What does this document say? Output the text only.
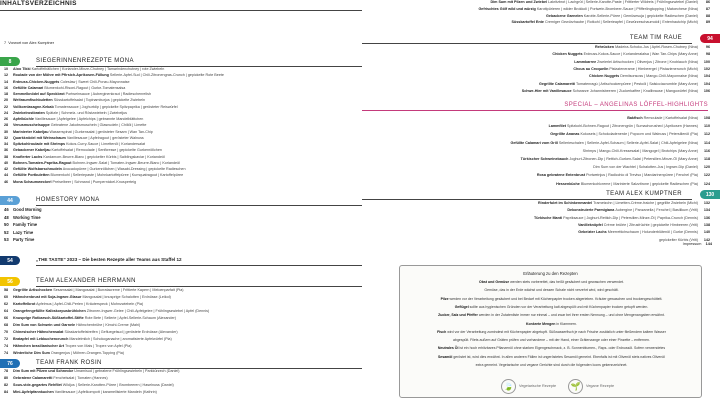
INHALTSVERZEICHNIS
7 Vorwort von Alex Kumptner
Dim Sum mit Pilzen und Zwiebel Lakritzbrot | Lachgrüt | Sellerie-Karotte-Paste | Frittierter Wildreis | Frühlingszwiebel (Daniel) 86
Gefrischtes Gölf wild und würzig Karottpürieren | wilder Brokkoli | Portwein-Brombeer-Sauce | Pfifferlingtopping | Matoechese (Nina) 87
Gebackene Garnelen Karotte-Sellerie-Püree | Gemüsesuja | gepickelte Radieschen (Daniel) 88
Süsskartoffel Ente Cremiger Gewürzhaube | Rotkohl | Sellerieapfel | Gewürzeschaumoldi | Entenhautchip (Michi) 89
8	SIEGERINNENREZEPTE MONA
10 Aloo Tikki Kartoffelbällchen | Koriander-Minze-Chutney | Tamarindenchutney | rote Zwiebeln
12 Roulade von der Möhre mit Pfirsich-Aprikosen-Füllung Sellerie-Apfel-Sud | Chili-Zitronengras-Crunch | gepickelte Rote Beete
14 Erdnuss-Chicken-Nuggets Coleslaw | Sweet Chili-Ponzu-Mayonnaise
16 Gefüllte Calamari Blumenkohl-Risoni-Ragout | Gurke-Tomatensalsa
18 Semmelknödel auf Speckbrot Portweinsauce | Auberginenkraut | Radieschenrelish
20 Weltraumfischbuletten Süsskartoffelsalat | Topinamburjus | gepickelte Zwiebeln
22 Vollkornlasagne-Kebab Tomatensauce | Joghurtdip | gepickelte Spitzpaprika | gerösteter Reiswürfel
24 Zwiebelrostbraten Spätzle | Schmelz- und Röstzwiebeln | Zwiebeljus
26 Apfelküchle Vanillesauce | Apfelgelee | Apfelchips | gebrannte Mandelblättchen
28 Venusmuschelsuppe Gebratene Jakobsmuscheln | Glasnudeln | Chiliöl | Limette
30 Marinierter Kabeljau Wasserspinat | Gurkensalat | gerösteter Sesam | Wan Tan-Chip
32 Quarkknödel mit Weinschaum Vanillesauce | Apfelragout | gerösteter Walnuss
34 Spitzkohlroulade mit Shrimps Kokos-Curry-Sauce | Limettenöl | Koriandersalat
36 Gebackener Kabeljau Kartoffelsalat | Remoulade | Senfkresse | gepickelte Gurkenröllchen
38 Knoflerter Lachs Kardamom-Beurre-Blanc | gepickelter Kürbis | Saiblingskaviar | Koriandeöl
40 Bohnen-Tomaten-Paprika-Ragout Bohnen-Ingwer-Salat | Tomaten-Ingwer-Beurre-Blanc | Koriandeöl
42 Gefüllte Wolfsbarschnudeln Avocadopüree | Gurkenröllchen | Wasabi-Dressing | gepickelte Radieschen
44 Gefüllte Portbuletten Blumenkohl | Selleriepaste | Mohnkartoffelpüree | Kumquatragout | Kartoffelpüree
46 Mona Schaumweckerl Preiselbeer | Schmand | Pumpernickel-Knusperteig
44	HOMESTORY MONA
46 Good Morning
48 Working Time
50 Family Time
52 Lazy Time
53 Party Time
54	„THE TASTE“ 2023 – Die besten Rezepte aller Teams aus Staffel 12
56	TEAM ALEXANDER HERRMANN
58 Gegrillte Artischocken Sesamsalat | Mangosalat | Burratacreme | Frittierte Kapern | Meloenparfait (Pia)
60 Hähnchenbrust mit Soja-Ingwer-Glasur Mangosalat | knusprige Schalotten | Erdnüsse (Leilod)
62 Kartoffelbrot Apfelmus | Apfel-Chili-Perlen | Kräuterspeck | Mohnzwiebeln (Pia)
64 Orangefengefüllte Kalbskorpusbrühlchen Zitronen-Ingwer-Gelee | Chili-Apfelgelee | Frühlingszwiebel | Apfel (Dennis)
66 Knusprige Rotbarsch-Süßkartoffel-Stifte Rote Bete | Sellerie | Apfel-Sellerie-Schaum (Alexander)
68 Dim Sum von Schwein und Garnele Hähnchenbrühe | Kimchi-Creme (Mahi)
70 Chinesischer Hähnchensalat Süsskartoffelstreifen | Gefluegelsud | geröstete Erdnüsse (Alexander)
72 Bratapfel mit Lebkuchencrunch Mandelmilch | Schokoganache | aromatisierte Apfelwürfel (Pia)
74 Hähnchen brasilianischer Art Tropex von Mais | Tropex von Apfel (Pia)
74 Winterliche Dim Sum Orangenjus | Möhren-Orangen-Topping (Pia)
76	TEAM FRANK ROSIN
78 Dim Sum mit Pilzen und Schnecke Umamisud | gebratene Frühlingszwiebeln | Parkkürzech (Daniel)
80 Gebratene Calamaretti Fenchelsalat | Tomaten (Hannes)
82 Sous-vide-gegartes Rehfilet Wildjus | Sellerie-Karotten-Püree | Brombeeren | Haselnuss (Daniel)
84 Mini-Apfelpfannkuchen Vanillesauce | Apfelkompott | karamellisierte Mandeln (Kathrin)
TEAM TIM RAUE	94
Rehrücken Madeira-Schoko-Jus | Apfel-Rosen-Chutney (Nina) 96
Chicken Nuggets Erdnuss-Kokos-Sauce | Korianderalalsa | Wan Tan-Chips (Mary Anne) 98
Lammkarree Zweierlei Artischocken | Olivenjus | Zitrone | Knoblauch (Nina) 100
Chous au Croquelin Pistazienerame | Himbeergel | Pistazienerunch (Michi) 102
Chicken Nuggets Demiisonsoss | Mango-Chili-Mayonnaise (Nina) 104
Gegrillte Calamaretti Tomatenragú | Artischockenpüree | Pestoöl | Salsicciacrumble (Mary Anne) 104
Schwe-Hier mit Vanillesauce Schwarze Johannisbeeren | Zuckerkaffee | Knallbrause | Mangowürfel (Nina) 106
SPECIAL – ANGELINAS LÖFFEL-HIGHLIGHTS
Bakfisch Remoulade | Kartoffelsalat (Nina) 108
Lammfilet Spitzkohl-Bohnen-Ragout | Zitronengrün | Sumachcrushed | Aprikosen (Hannes) 110
Gegrillte Ananas Kokoseis | Schokoladenerde | Popcorn und Walnuss | Petersilienöl (Pia) 112
Gefüllte Calamari vom Grill Sellerieschalen | Sellerie-Apfel-Schaum | Sellerie-Apfel-Salat | Chili-Apfelgelee (Nina) 114
Shrimps | Mango-Chili-Kressesalat | Mangogel | Brotchips (Mary Anne) 116
Türkischer Schweinebauch Joghurt-Zitronen-Dip | Rettich-Gurken-Salat | Petersilien-Minze-Öl (Mary Anne) 118
Dim Sum von der Wachtel | Schalotten-Jus | Ingwer-Dip (Daniel) 120
Rosa gebratene Entenbrust Portweinjus | Radicchio di Treviso | Mandarinenpüree | Fenchel (Pia) 122
Hessenküche Blumenkohlcreme | Marinierte Salzzitrone | gepickelte Radieschen (Pia) 124
TEAM ALEX KUMPTNER	130
Rinderfulet im Schinkenmantel Trametzchn | Limetten-Crème-fraiche | gegrillte Zwiebeln (Michi) 132
Dekonstruierte Parmigiana Aubergine | Panzanella | Fenchel | Basilikum (Vriti) 134
Türkische Manti Papriksauce | Joghurt-Rettich-Dip | Petersilien-Minze-Öl | Paprika-Crunch (Dennis) 136
Vanilleknöpfel Crème brûlée | Zitrusfrüchte | gepickelte Himbeeren (Vriti) 138
Gebeizter Lachs Meerrettichschaum | Holunderblütenöl | Gurke (Dennis) 140
gepickelter Kürbis (Vriti) 142
Impressum 144
Erläuterung zu den Rezepten
Obst und Gemüse werden stets vorbereitet, das heißt gesäubert und gewaschen verwendet.
Gemüse, das in der Erde wächst und dessen Schale nicht verzehrt wird, wird geschält.
Pilze werden vor der Verarbeitung gesäubert und bei Bedarf mit Küchenpapier trocken abgerieben. Kräuter gewaschen und trockengeschüttelt.
Geflügel sollte aus hygienischen Gründen vor der Verarbeitung kalt abgespült und mit Küchenpapier trocken getupft werden.
Zucker, Salz und Pfeffer werden in der Zutatenliste immer nur einmal – und zwar bei ihrer ersten Nennung – und ohne Mengenangaben erwähnt.
Konkrete Mengen in Klammern.
Fisch wird vor der Verarbeitung zumindest mit Küchenpapier abgetupft. Süßwasserfisch je nach Frische zusätzlich unter fließendem kaltem Wasser
abgespült. Filets außem auf Gräten prüfen und vorhandene – mit der Hand, einer Grätenzange oder einer Pinzette – entfernen.
Neutrales Öl ist ein hoch erhitzbares Pflanzenöl ohne starken Eigengeschmack, z. B. Sonnenblumen-, Raps- oder Erdnussöl. Sofern verwendetes
Sesamöl geröstet ist, wird dies erwähnt. In allen anderen Fällen ist ungeröstetes Sesamöl gemeint. Ebenfalls ist mit Olivenöl stets natives Olivenöl
extra gemeint. Vegetarische und vegane Gerichte sind durch die folgenden Icons gekennzeichnet.
🍃	Vegetarische Rezepte	🌱	Vegane Rezepte
